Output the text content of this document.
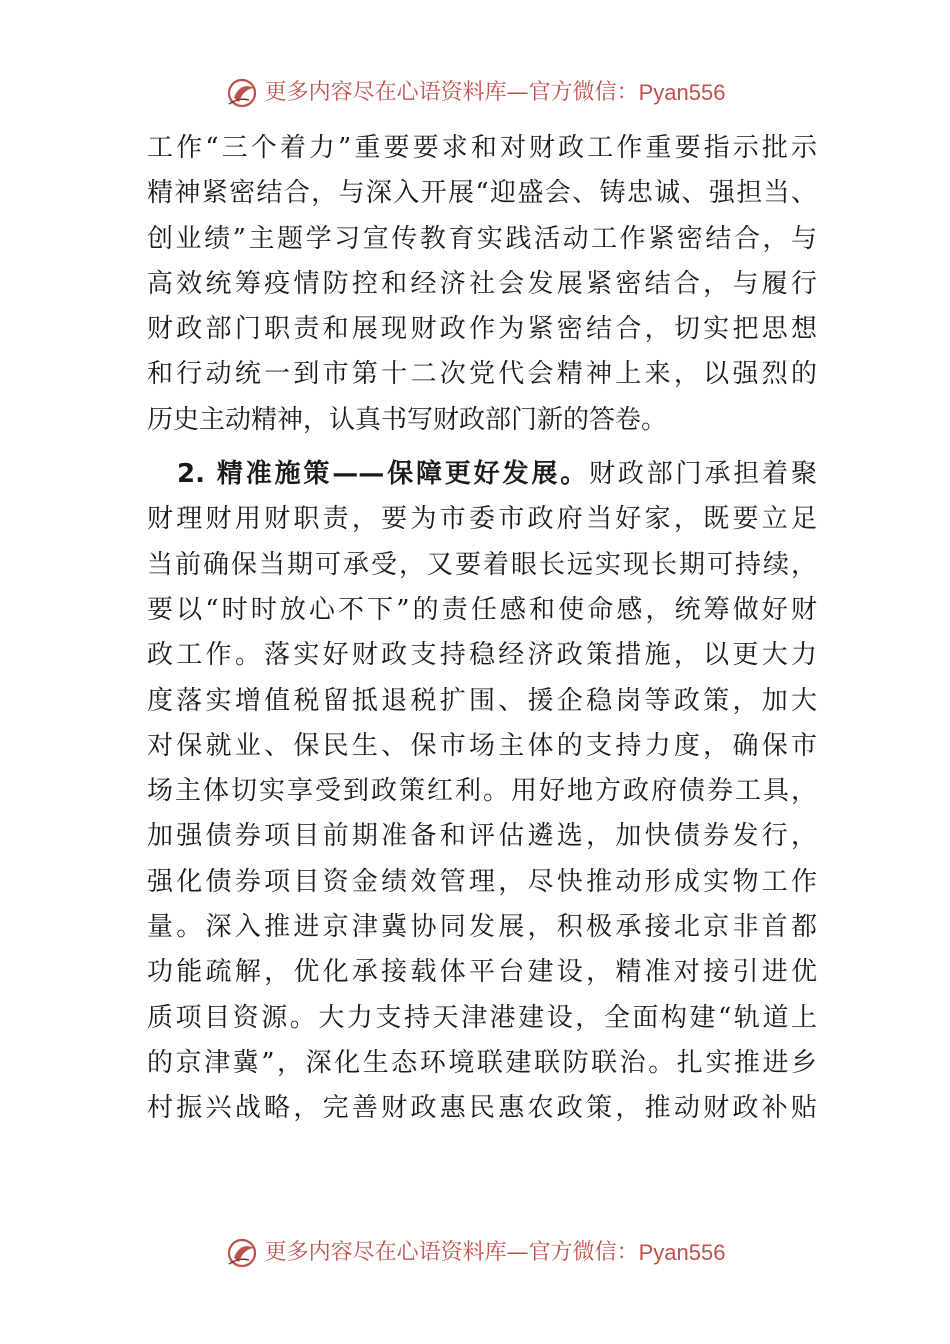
更多内容尽在心语资料库—官方微信： Pyan556

工作“三个着力”重要要求和对财政工作重要指示批示
精神紧密结合，与深入开展“迎盛会、铸忠诚、强担当、
创业绩”主题学习宣传教育实践活动工作紧密结合，与
高效统筹疫情防控和经济社会发展紧密结合，与履行
财政部门职责和展现财政作为紧密结合，切实把思想
和行动统一到市第十二次党代会精神上来，以强烈的
历史主动精神，认真书写财政部门新的答卷。

2. 精准施策——保障更好发展。财政部门承担着聚
财理财用财职责，要为市委市政府当好家，既要立足
当前确保当期可承受，又要着眼长远实现长期可持续，
要以“时时放心不下”的责任感和使命感，统筹做好财
政工作。落实好财政支持稳经济政策措施，以更大力
度落实增值税留抵退税扩围、援企稳岗等政策，加大
对保就业、保民生、保市场主体的支持力度，确保市
场主体切实享受到政策红利。用好地方政府债券工具，
加强债券项目前期准备和评估遴选，加快债券发行，
强化债券项目资金绩效管理，尽快推动形成实物工作
量。深入推进京津冀协同发展，积极承接北京非首都
功能疏解，优化承接载体平台建设，精准对接引进优
质项目资源。大力支持天津港建设，全面构建“轨道上
的京津冀”，深化生态环境联建联防联治。扎实推进乡
村振兴战略，完善财政惠民惠农政策，推动财政补贴

更多内容尽在心语资料库—官方微信： Pyan556
